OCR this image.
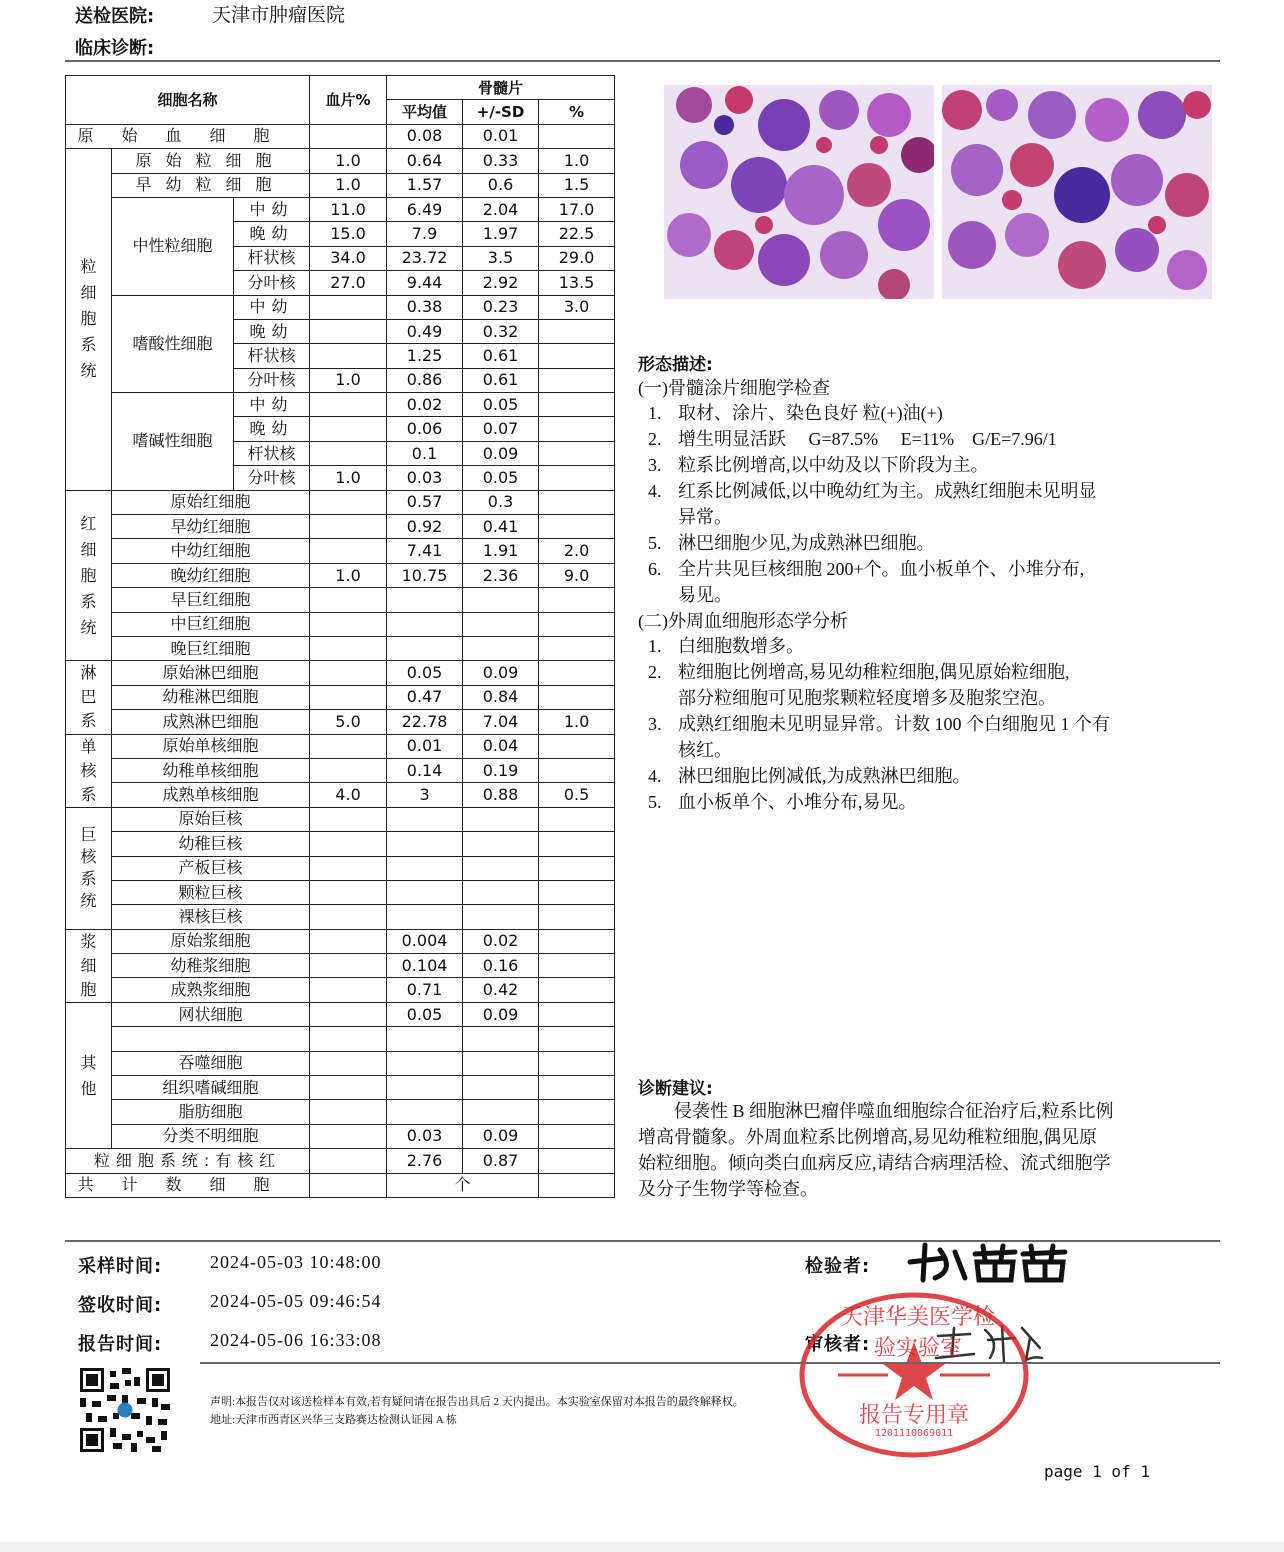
送检医院:	天津市肿瘤医院
临床诊断:
细胞名称			血片%	骨髓片		
				平均值	+/-SD	%
原始血细胞				0.08	0.01	

粒
细
胞
系
统	原始粒细胞		1.0	0.64	0.33	1.0
	早幼粒细胞		1.0	1.57	0.6	1.5
	中性粒细胞	中幼	11.0	6.49	2.04	17.0
		晚幼	15.0	7.9	1.97	22.5
		杆状核	34.0	23.72	3.5	29.0
		分叶核	27.0	9.44	2.92	13.5
	嗜酸性细胞	中幼		0.38	0.23	3.0
		晚幼		0.49	0.32	
		杆状核		1.25	0.61	
		分叶核	1.0	0.86	0.61	
	嗜碱性细胞	中幼		0.02	0.05	
		晚幼		0.06	0.07	
		杆状核		0.1	0.09	
		分叶核	1.0	0.03	0.05	

红
细
胞
系
统	原始红细胞			0.57	0.3	
	早幼红细胞			0.92	0.41	
	中幼红细胞			7.41	1.91	2.0
	晚幼红细胞		1.0	10.75	2.36	9.0
	早巨红细胞					
	中巨红细胞					
	晚巨红细胞					

淋
巴
系	原始淋巴细胞			0.05	0.09	
	幼稚淋巴细胞			0.47	0.84	
	成熟淋巴细胞		5.0	22.78	7.04	1.0

单
核
系	原始单核细胞			0.01	0.04	
	幼稚单核细胞			0.14	0.19	
	成熟单核细胞		4.0	3	0.88	0.5

巨
核
系
统	原始巨核					
	幼稚巨核					
	产板巨核					
	颗粒巨核					
	裸核巨核					

浆
细
胞	原始浆细胞			0.004	0.02	
	幼稚浆细胞			0.104	0.16	
	成熟浆细胞			0.71	0.42	

其
他	网状细胞			0.05	0.09	

	吞噬细胞					
	组织嗜碱细胞					
	脂肪细胞					
	分类不明细胞			0.03	0.09	
粒细胞系统:有核红				2.76	0.87	
共计数细胞				个		
形态描述:
(一)骨髓涂片细胞学检查
1. 取材、涂片、染色良好 粒(+)油(+)
2. 增生明显活跃　 G=87.5%　 E=11%　G/E=7.96/1
3. 粒系比例增高,以中幼及以下阶段为主。
4. 红系比例减低,以中晚幼红为主。成熟红细胞未见明显
异常。
5. 淋巴细胞少见,为成熟淋巴细胞。
6. 全片共见巨核细胞 200+个。血小板单个、小堆分布,
易见。
(二)外周血细胞形态学分析
1. 白细胞数增多。
2. 粒细胞比例增高,易见幼稚粒细胞,偶见原始粒细胞,
部分粒细胞可见胞浆颗粒轻度增多及胞浆空泡。
3. 成熟红细胞未见明显异常。计数 100 个白细胞见 1 个有
核红。
4. 淋巴细胞比例减低,为成熟淋巴细胞。
5. 血小板单个、小堆分布,易见。
诊断建议:
　　侵袭性 B 细胞淋巴瘤伴噬血细胞综合征治疗后,粒系比例
增高骨髓象。外周血粒系比例增高,易见幼稚粒细胞,偶见原
始粒细胞。倾向类白血病反应,请结合病理活检、流式细胞学
及分子生物学等检查。
采样时间:	2024-05-03 10:48:00
签收时间:	2024-05-05 09:46:54
报告时间:	2024-05-06 16:33:08
检验者:
审核者:
天津华美医学检验实验室
报告专用章
1201110069011
声明:本报告仅对该送检样本有效,若有疑问请在报告出具后 2 天内提出。本实验室保留对本报告的最终解释权。
地址:天津市西青区兴华三支路赛达检测认证园 A 栋
page 1 of 1
